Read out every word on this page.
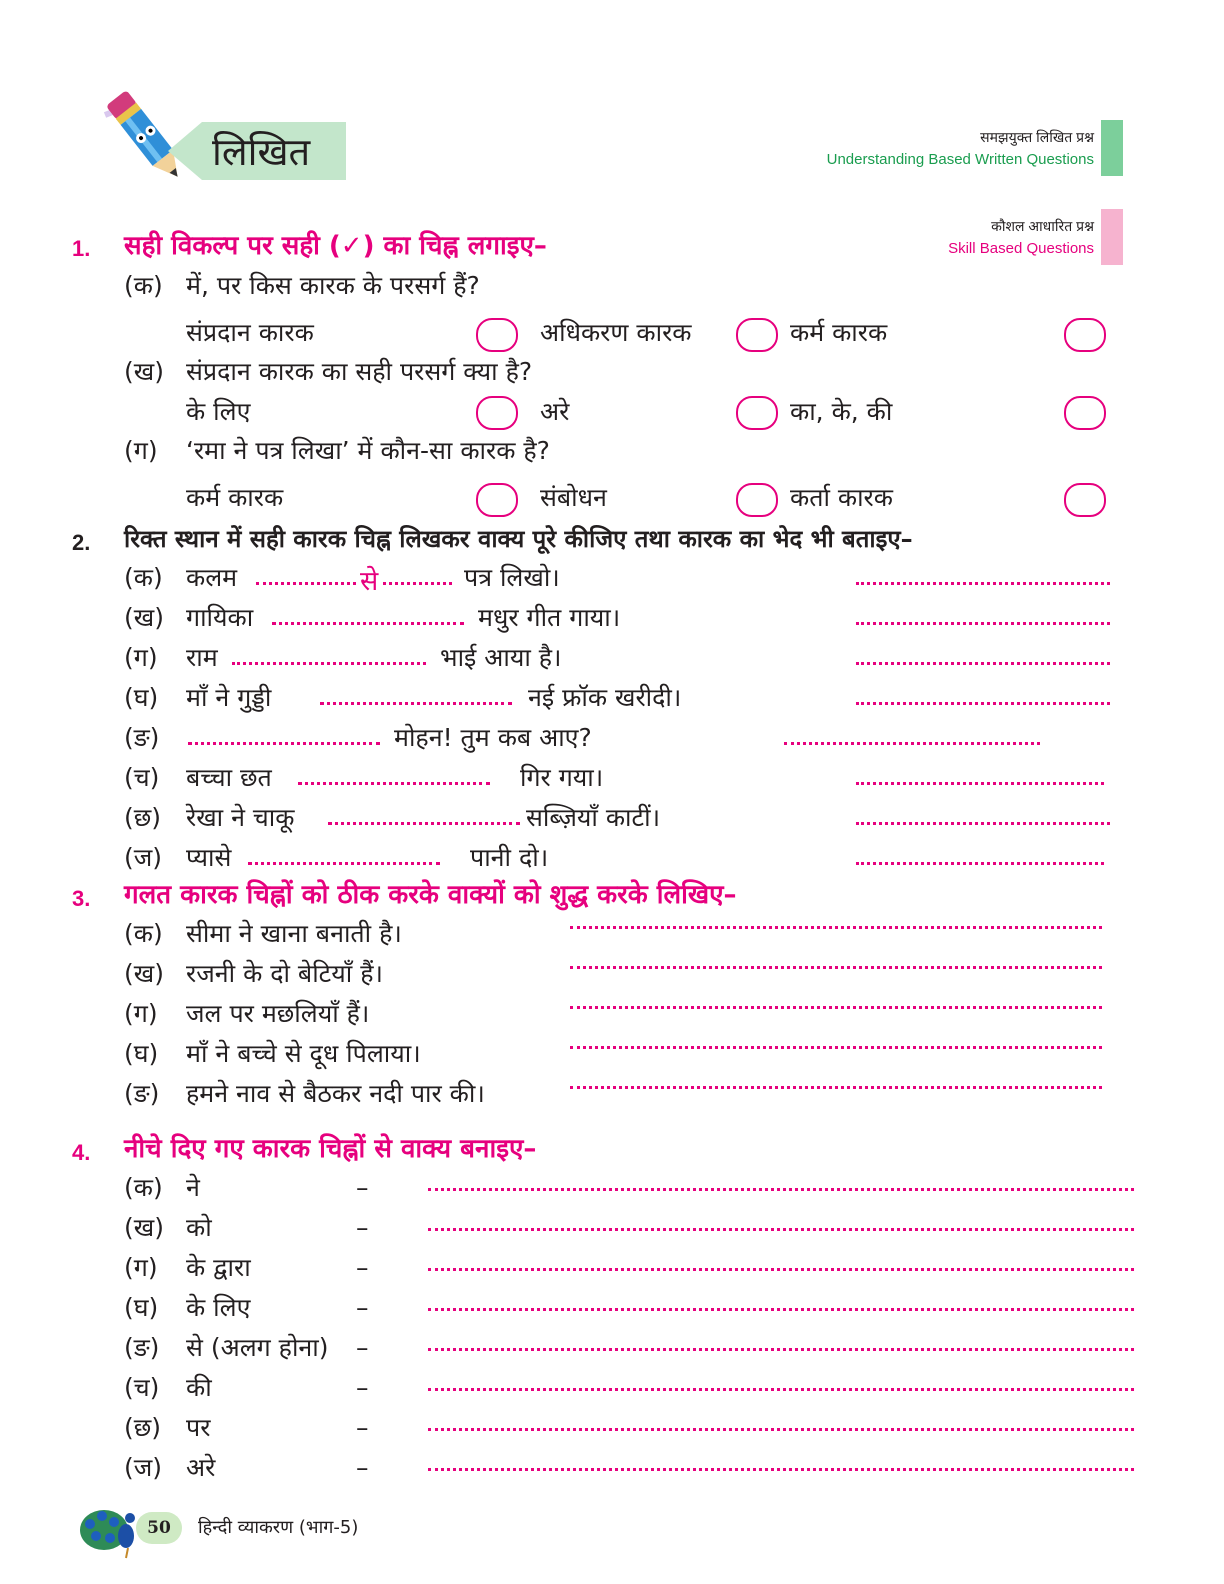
लिखित	समझयुक्त लिखित प्रश्न
Understanding Based Written Questions
कौशल आधारित प्रश्न
Skill Based Questions
1. सही विकल्प पर सही (✓) का चिह्न लगाइए–
(क) में, पर किस कारक के परसर्ग हैं?
संप्रदान कारक	अधिकरण कारक	कर्म कारक
(ख) संप्रदान कारक का सही परसर्ग क्या है?
के लिए	अरे	का, के, की
(ग) ‘रमा ने पत्र लिखा’ में कौन-सा कारक है?
कर्म कारक	संबोधन	कर्ता कारक
2. रिक्त स्थान में सही कारक चिह्न लिखकर वाक्य पूरे कीजिए तथा कारक का भेद भी बताइए–
(क) कलम	से	पत्र लिखो।
(ख) गायिका	मधुर गीत गाया।
(ग) राम	भाई आया है।
(घ) माँ ने गुड्डी	नई फ्रॉक खरीदी।
(ङ)	मोहन! तुम कब आए?
(च) बच्चा छत	गिर गया।
(छ) रेखा ने चाकू	सब्ज़ियाँ काटीं।
(ज) प्यासे	पानी दो।
3. गलत कारक चिह्नों को ठीक करके वाक्यों को शुद्ध करके लिखिए–
(क) सीमा ने खाना बनाती है।
(ख) रजनी के दो बेटियाँ हैं।
(ग) जल पर मछलियाँ हैं।
(घ) माँ ने बच्चे से दूध पिलाया।
(ङ) हमने नाव से बैठकर नदी पार की।
4. नीचे दिए गए कारक चिह्नों से वाक्य बनाइए–
(क) ने	–
(ख) को	–
(ग) के द्वारा	–
(घ) के लिए	–
(ङ) से (अलग होना) –
(च) की	–
(छ) पर	–
(ज) अरे	–
50	हिन्दी व्याकरण (भाग-5)
